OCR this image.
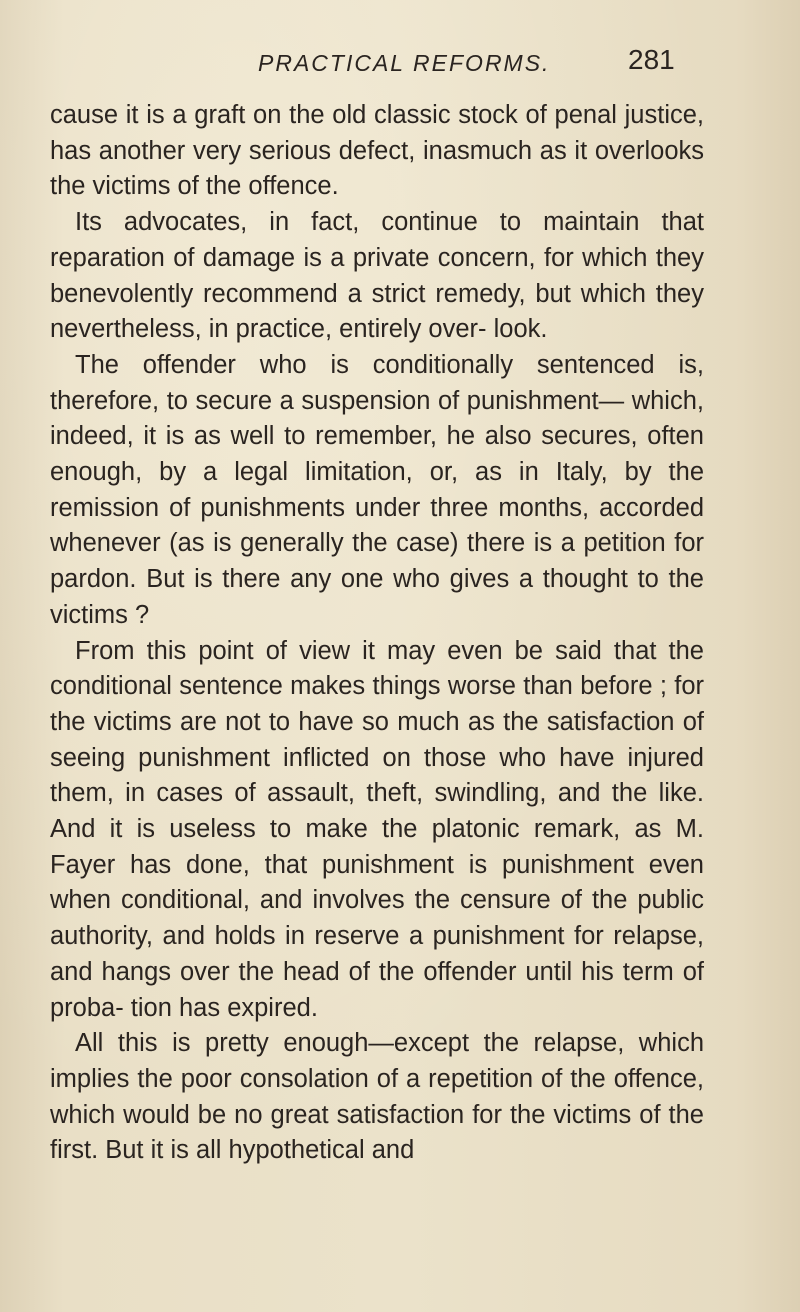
PRACTICAL REFORMS.	281

cause it is a graft on the old classic stock of penal justice, has another very serious defect, inasmuch as it overlooks the victims of the offence.

Its advocates, in fact, continue to maintain that reparation of damage is a private concern, for which they benevolently recommend a strict remedy, but which they nevertheless, in practice, entirely over- look.

The offender who is conditionally sentenced is, therefore, to secure a suspension of punishment— which, indeed, it is as well to remember, he also secures, often enough, by a legal limitation, or, as in Italy, by the remission of punishments under three months, accorded whenever (as is generally the case) there is a petition for pardon. But is there any one who gives a thought to the victims ?

From this point of view it may even be said that the conditional sentence makes things worse than before ; for the victims are not to have so much as the satisfaction of seeing punishment inflicted on those who have injured them, in cases of assault, theft, swindling, and the like. And it is useless to make the platonic remark, as M. Fayer has done, that punishment is punishment even when conditional, and involves the censure of the public authority, and holds in reserve a punishment for relapse, and hangs over the head of the offender until his term of proba- tion has expired.

All this is pretty enough—except the relapse, which implies the poor consolation of a repetition of the offence, which would be no great satisfaction for the victims of the first. But it is all hypothetical and
